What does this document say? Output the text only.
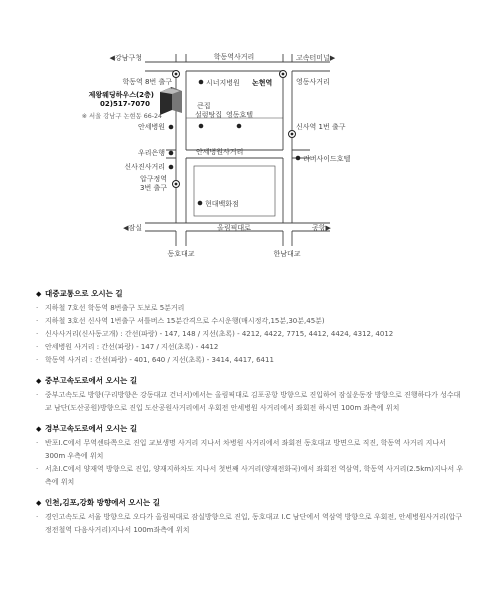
◀강남구청	고속터미널▶
◀잠실	공항▶
학동역사거리
안세병원사거리
올림픽대로
동호대교	한남대교
학동역 8번 출구
신사역 1번 출구
압구정역
3번 출구
시너지병원 논현역	영동사거리
큰집
설렁탕집 영동호텔
안세병원
우리은행
신사진사거리
리버사이드호텔
현대백화점
제왕웨딩하우스(2층)
02)517-7070
※ 서울 강남구 논현동 66-24
◆ 대중교통으로 오시는 길
· 지하철 7호선 학동역 8번출구 도보로 5분거리
· 지하철 3호선 신사역 1번출구 셔틀버스 15분간격으로 수시운행(매시정각,15분,30분,45분)
· 신사사거리(신사동고개) : 간선(파랑) - 147, 148 / 지선(초록) - 4212, 4422, 7715, 4412, 4424, 4312, 4012
· 안세병원 사거리 : 간선(파랑) - 147 / 지선(초록) - 4412
· 학동역 사거리 : 간선(파랑) - 401, 640 / 지선(초록) - 3414, 4417, 6411
◆ 중부고속도로에서 오시는 길
· 중부고속도로 방향(구리방향은 강동대교 건너서)에서는 올림픽대로 김포공항 방향으로 진입하여 잠실운동장 방향으로 진행하다가 성수대교 남단(도산공원)방향으로 진입 도산공원사거리에서 우회전 안세병원 사거리에서 좌회전 하시면 100m 좌측에 위치
◆ 경부고속도로에서 오시는 길
· 반포I.C에서 무역센타쪽으로 진입 교보생명 사거리 지나서 차병원 사거리에서 좌회전 동호대교 방면으로 직진, 학동역 사거리 지나서 300m 우측에 위치
· 서초I.C에서 양재역 방향으로 진입, 양재지하차도 지나서 첫번째 사거리(양재전화국)에서 좌회전 역삼역, 학동역 사거리(2.5km)지나서 우측에 위치
◆ 인천,김포,강화 방향에서 오시는 길
· 경인고속도로 서울 방향으로 오다가 올림픽대로 잠실방향으로 진입, 동호대교 I.C 남단에서 역삼역 방향으로 우회전, 안세병원사거리(압구정전철역 다음사거리)지나서 100m좌측에 위치
